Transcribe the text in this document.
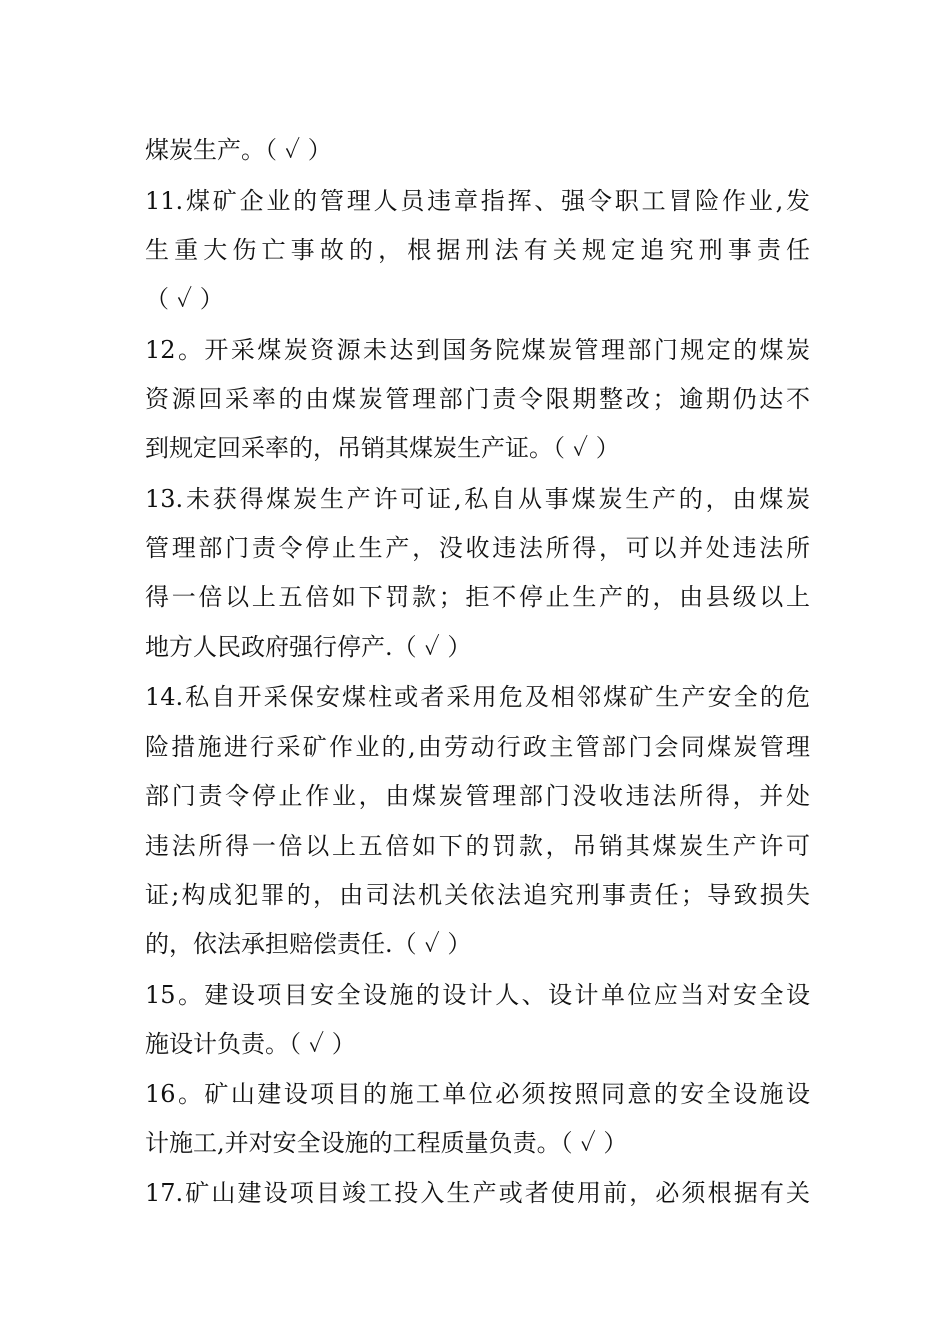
煤炭生产。（ ✓ ）
11.煤矿企业的管理人员违章指挥、强令职工冒险作业,发
生重大伤亡事故的，根据刑法有关规定追究刑事责任
（ ✓ ）
12。开采煤炭资源未达到国务院煤炭管理部门规定的煤炭
资源回采率的由煤炭管理部门责令限期整改；逾期仍达不
到规定回采率的，吊销其煤炭生产证。（ ✓ ）
13.未获得煤炭生产许可证,私自从事煤炭生产的，由煤炭
管理部门责令停止生产，没收违法所得，可以并处违法所
得一倍以上五倍如下罚款；拒不停止生产的，由县级以上
地方人民政府强行停产.（ ✓ ）
14.私自开采保安煤柱或者采用危及相邻煤矿生产安全的危
险措施进行采矿作业的,由劳动行政主管部门会同煤炭管理
部门责令停止作业，由煤炭管理部门没收违法所得，并处
违法所得一倍以上五倍如下的罚款，吊销其煤炭生产许可
证;构成犯罪的，由司法机关依法追究刑事责任；导致损失
的，依法承担赔偿责任.（ ✓ ）
15。建设项目安全设施的设计人、设计单位应当对安全设
施设计负责。（ ✓ ）
16。矿山建设项目的施工单位必须按照同意的安全设施设
计施工,并对安全设施的工程质量负责。（ ✓ ）
17.矿山建设项目竣工投入生产或者使用前，必须根据有关
